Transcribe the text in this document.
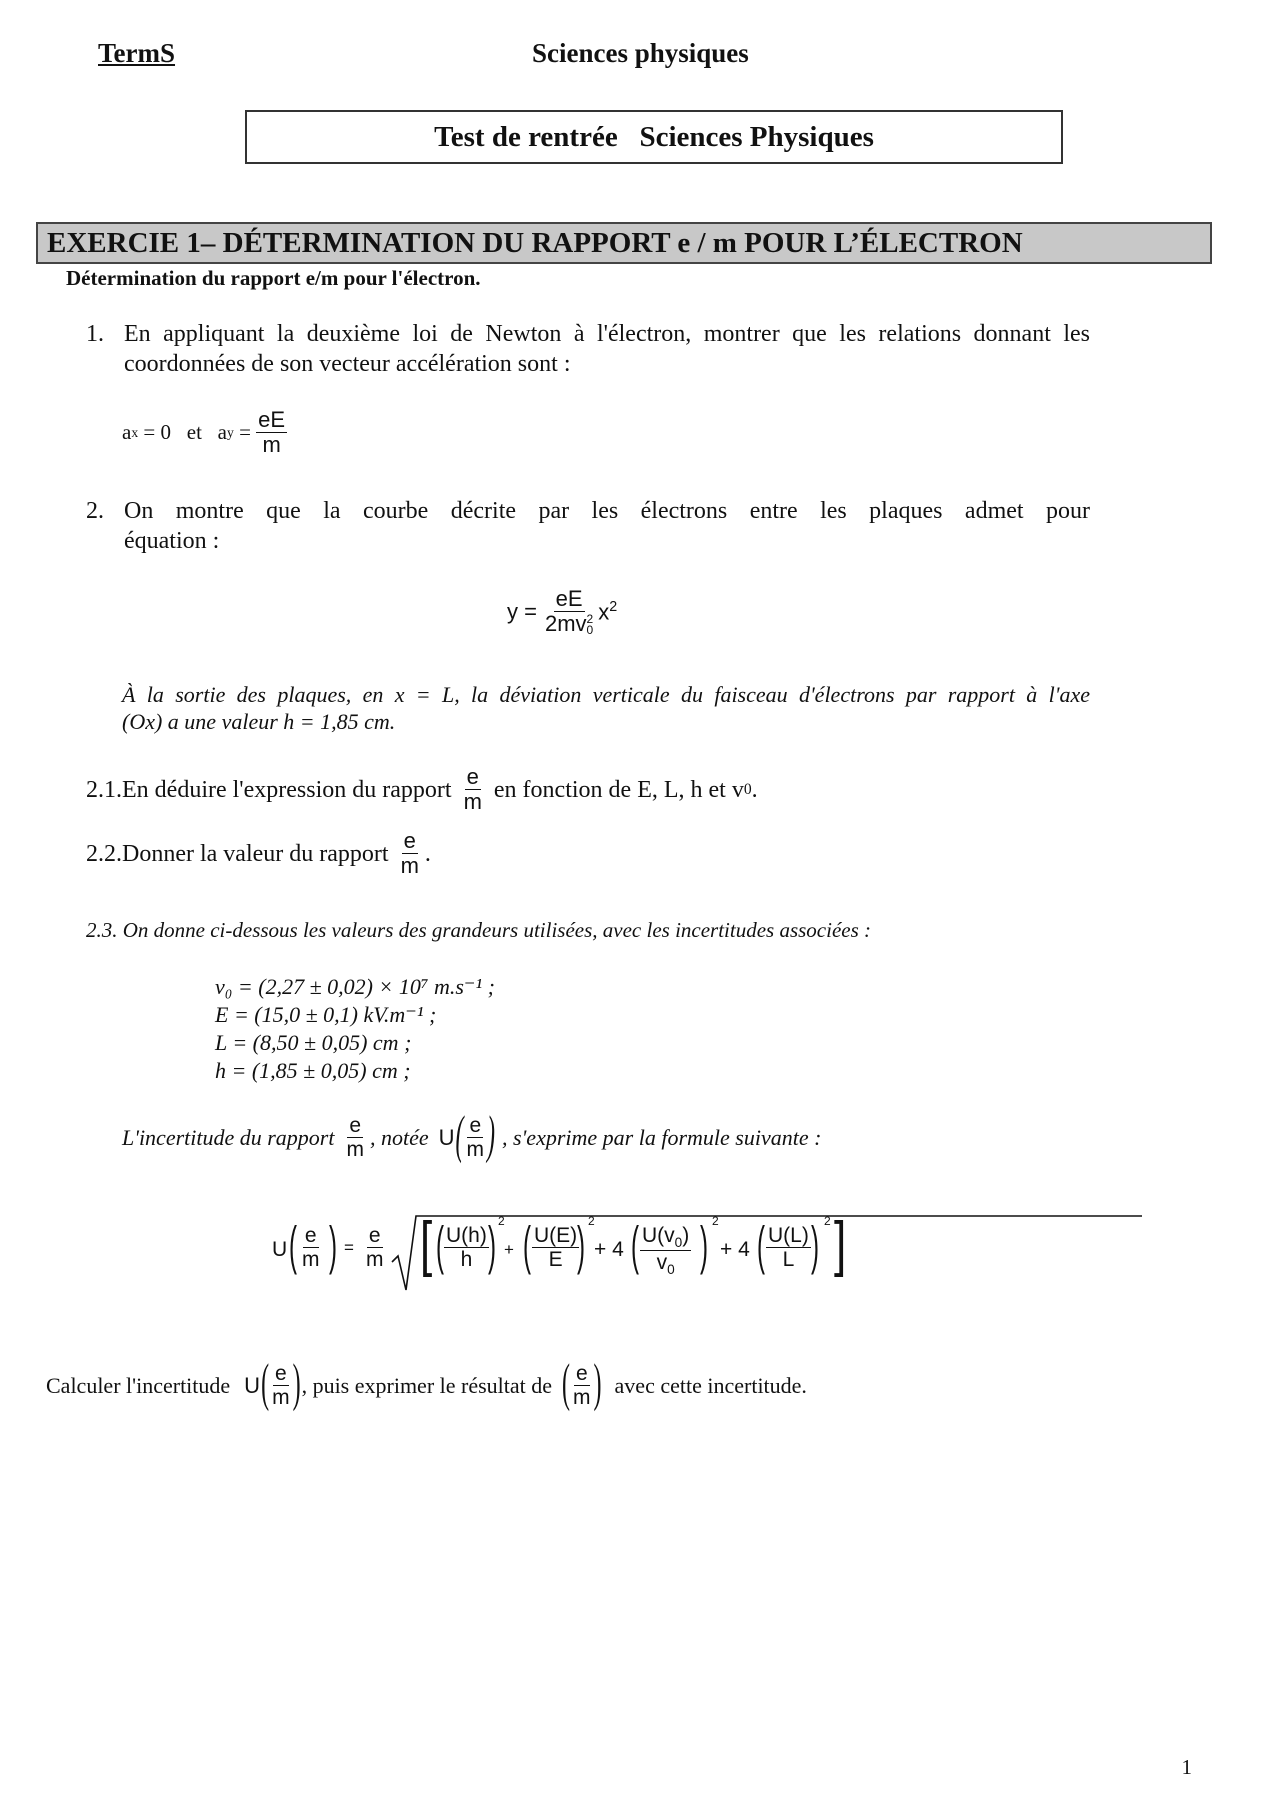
TermS	Sciences physiques
Test de rentrée   Sciences Physiques
EXERCIE 1– DÉTERMINATION DU RAPPORT e / m POUR L’ÉLECTRON
Détermination du rapport e/m pour l'électron.
1. En appliquant la deuxième loi de Newton à l'électron, montrer que les relations donnant les
coordonnées de son vecteur accélération sont :
a x = 0   et a $y = \frac{eE}{m}$
2. On montre que la courbe décrite par les électrons entre les plaques admet pour
équation :
y = eE
2mv 2
0 $x^2$
À la sortie des plaques, en x = L, la déviation verticale du faisceau d'électrons par rapport à l'axe
(Ox) a une valeur h = 1,85 cm.
2.1.En déduire l'expression du rapport $\frac{e}{m}$ en fonction de E, L, h et v 0 .
2.2.Donner la valeur du rapport $\frac{e}{m}$ .
2.3. On donne ci-dessous les valeurs des grandeurs utilisées, avec les incertitudes associées :
v₀ = (2,27 ± 0,02) × 10⁷ m.s⁻¹ ;
E = (15,0 ± 0,1) kV.m⁻¹ ;
L = (8,50 ± 0,05) cm ;
h = (1,85 ± 0,05) cm ;
L'incertitude du rapport $\frac{e}{m}$ , notée U ( $\frac{e}{m}$ ) , s'exprime par la formule suivante :
U ( $\frac{e}{m}$ ) = $\frac{e}{m}$ [ ( $\frac{U(h)}{h}$ ) 2
+ ( $\frac{U(E)}{E}$
) 2
+ 4 ( $\frac{U(v_0)}{v_0}$ ) 2
+ 4 ( $\frac{U(L)}{L}$ ) 2 ]
Calculer l'incertitude U ( $\frac{e}{m}$ ) , puis exprimer le résultat de ( $\frac{e}{m}$ ) avec cette incertitude.
1
